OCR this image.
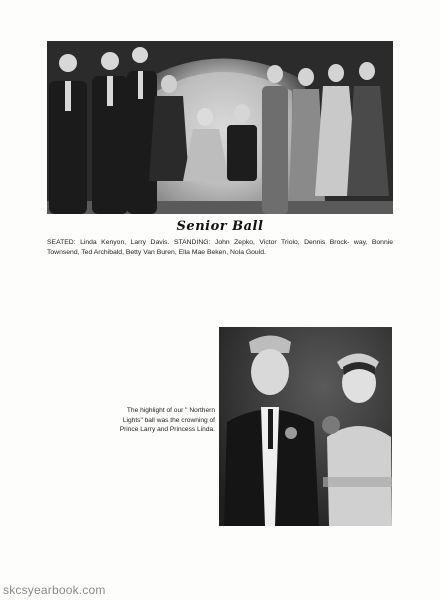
Senior Ball
SEATED: Linda Kenyon, Larry Davis. STANDING: John Zepko, Victor Triolo, Dennis Brock- way, Bonnie Townsend, Ted Archibald, Betty Van Buren, Ella Mae Beken, Nola Gould.
The highlight of our " Northern
Lights" ball was the crowning of
Prince Larry and Princess Linda.
skcsyearbook.com
